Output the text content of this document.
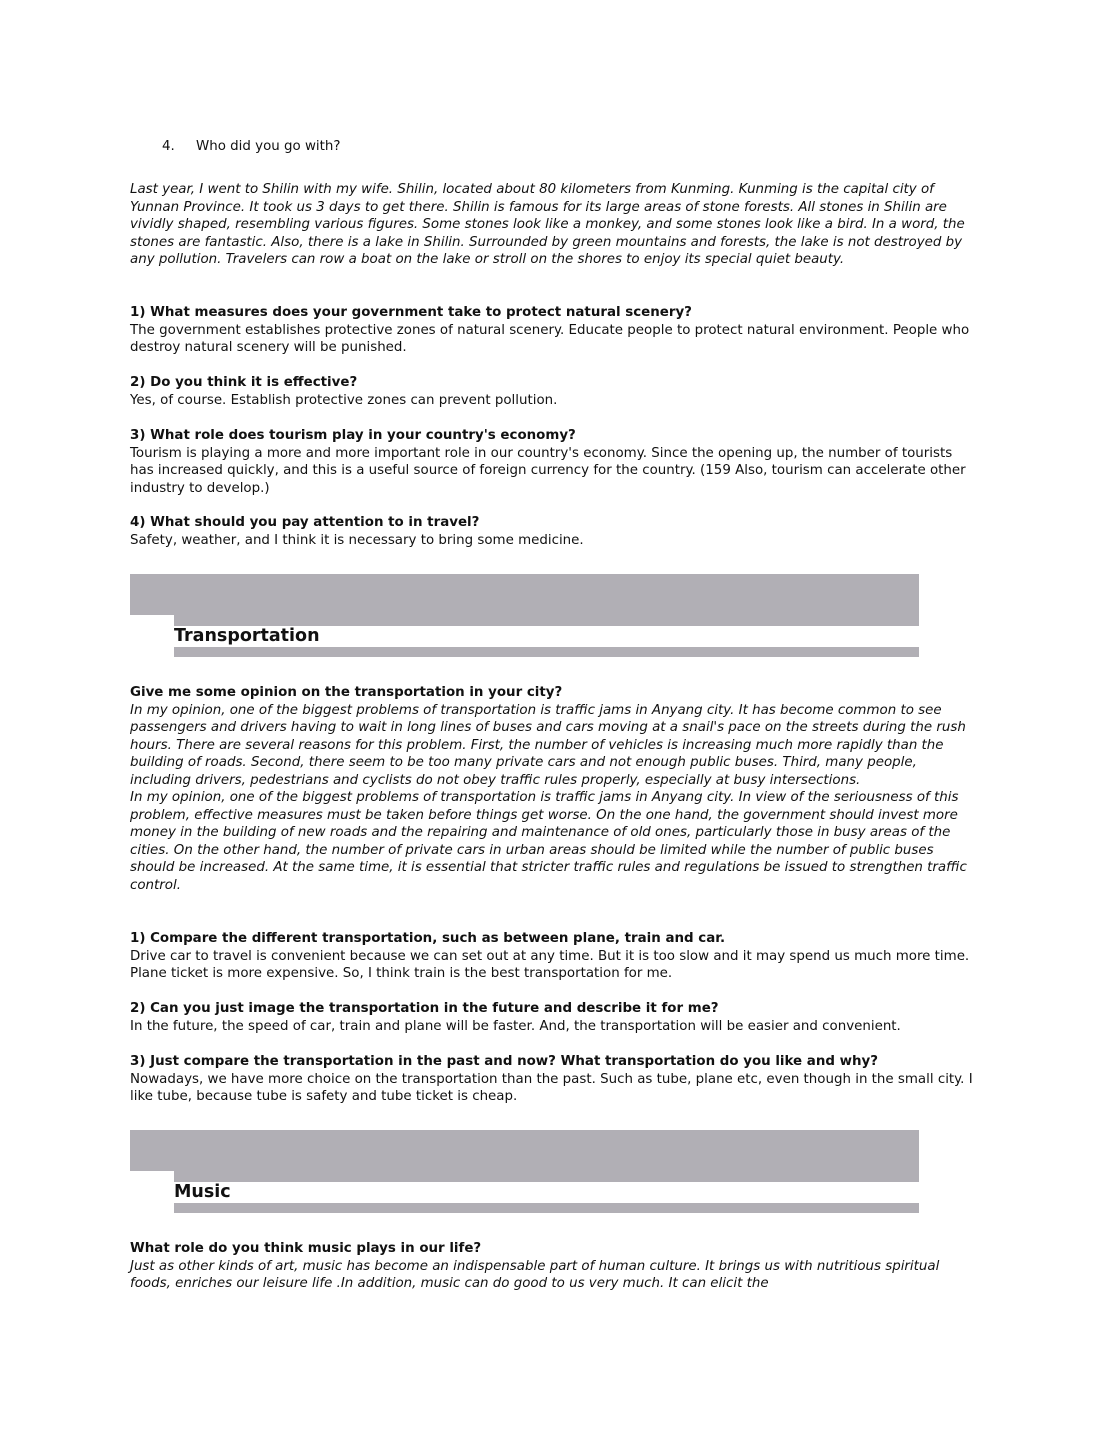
4. Who did you go with?

Last year, I went to Shilin with my wife. Shilin, located about 80 kilometers from Kunming. Kunming is the capital city of Yunnan Province. It took us 3 days to get there. Shilin is famous for its large areas of stone forests. All stones in Shilin are vividly shaped, resembling various figures. Some stones look like a monkey, and some stones look like a bird. In a word, the stones are fantastic. Also, there is a lake in Shilin. Surrounded by green mountains and forests, the lake is not destroyed by any pollution. Travelers can row a boat on the lake or stroll on the shores to enjoy its special quiet beauty.

1) What measures does your government take to protect natural scenery?

The government establishes protective zones of natural scenery. Educate people to protect natural environment. People who destroy natural scenery will be punished.

2) Do you think it is effective?

Yes, of course. Establish protective zones can prevent pollution.

3) What role does tourism play in your country's economy?

Tourism is playing a more and more important role in our country's economy. Since the opening up, the number of tourists has increased quickly, and this is a useful source of foreign currency for the country. (159 Also, tourism can accelerate other industry to develop.)

4) What should you pay attention to in travel?

Safety, weather, and I think it is necessary to bring some medicine.

Transportation

Give me some opinion on the transportation in your city?

In my opinion, one of the biggest problems of transportation is traffic jams in Anyang city. It has become common to see passengers and drivers having to wait in long lines of buses and cars moving at a snail's pace on the streets during the rush hours. There are several reasons for this problem. First, the number of vehicles is increasing much more rapidly than the building of roads. Second, there seem to be too many private cars and not enough public buses. Third, many people, including drivers, pedestrians and cyclists do not obey traffic rules properly, especially at busy intersections.

In my opinion, one of the biggest problems of transportation is traffic jams in Anyang city. In view of the seriousness of this problem, effective measures must be taken before things get worse. On the one hand, the government should invest more money in the building of new roads and the repairing and maintenance of old ones, particularly those in busy areas of the cities. On the other hand, the number of private cars in urban areas should be limited while the number of public buses should be increased. At the same time, it is essential that stricter traffic rules and regulations be issued to strengthen traffic control.

1) Compare the different transportation, such as between plane, train and car.

Drive car to travel is convenient because we can set out at any time. But it is too slow and it may spend us much more time. Plane ticket is more expensive. So, I think train is the best transportation for me.

2) Can you just image the transportation in the future and describe it for me?

In the future, the speed of car, train and plane will be faster. And, the transportation will be easier and convenient.

3) Just compare the transportation in the past and now? What transportation do you like and why?

Nowadays, we have more choice on the transportation than the past. Such as tube, plane etc, even though in the small city. I like tube, because tube is safety and tube ticket is cheap.

Music

What role do you think music plays in our life?

Just as other kinds of art, music has become an indispensable part of human culture. It brings us with nutritious spiritual foods, enriches our leisure life .In addition, music can do good to us very much. It can elicit the
